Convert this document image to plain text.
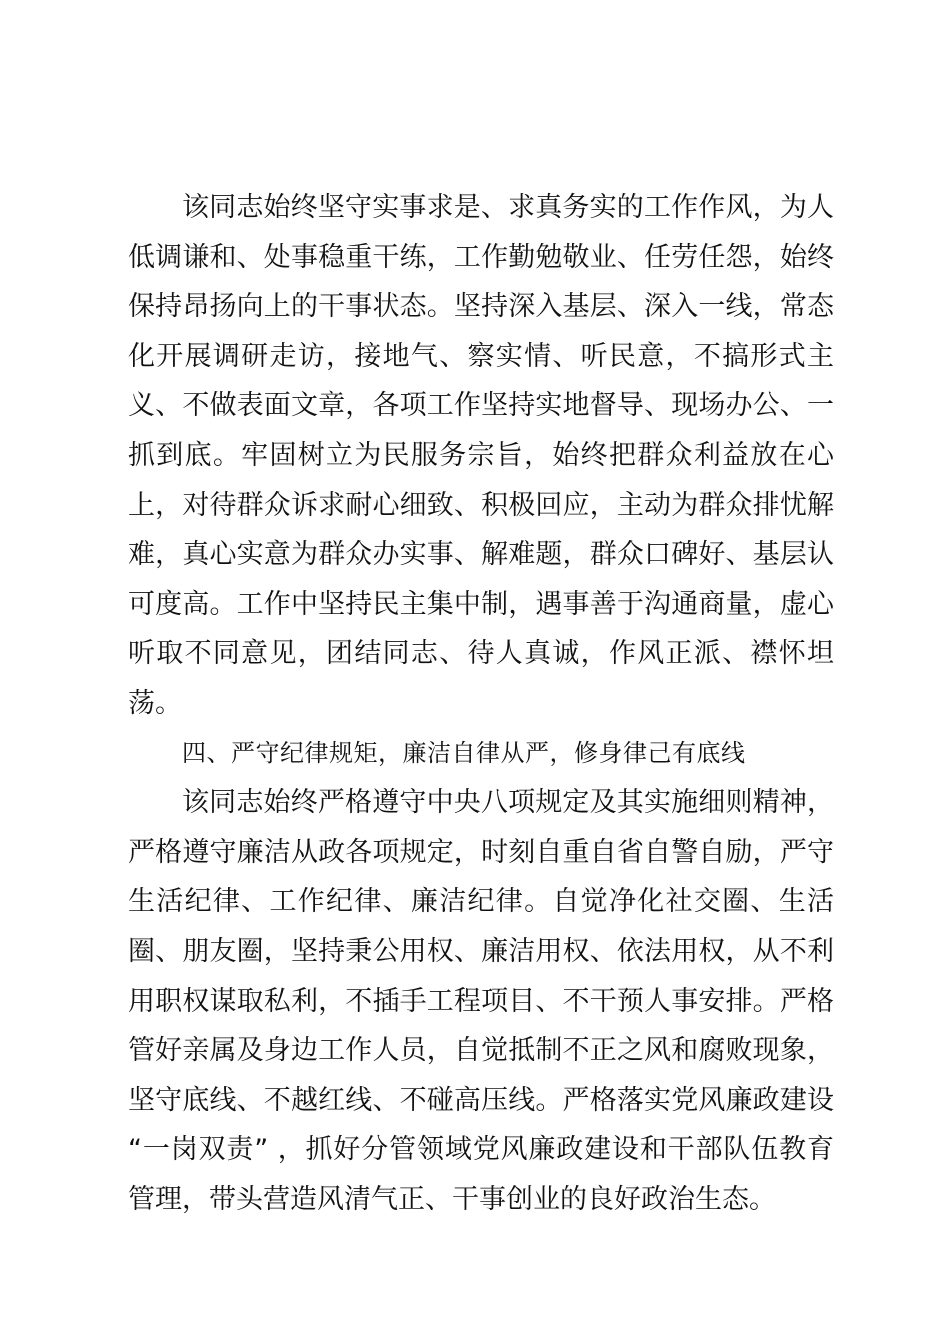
该同志始终坚守实事求是、求真务实的工作作风，为人低调谦和、处事稳重干练，工作勤勉敬业、任劳任怨，始终保持昂扬向上的干事状态。坚持深入基层、深入一线，常态化开展调研走访，接地气、察实情、听民意，不搞形式主义、不做表面文章，各项工作坚持实地督导、现场办公、一抓到底。牢固树立为民服务宗旨，始终把群众利益放在心上，对待群众诉求耐心细致、积极回应，主动为群众排忧解难，真心实意为群众办实事、解难题，群众口碑好、基层认可度高。工作中坚持民主集中制，遇事善于沟通商量，虚心听取不同意见，团结同志、待人真诚，作风正派、襟怀坦荡。

四、严守纪律规矩，廉洁自律从严，修身律己有底线

该同志始终严格遵守中央八项规定及其实施细则精神，严格遵守廉洁从政各项规定，时刻自重自省自警自励，严守生活纪律、工作纪律、廉洁纪律。自觉净化社交圈、生活圈、朋友圈，坚持秉公用权、廉洁用权、依法用权，从不利用职权谋取私利，不插手工程项目、不干预人事安排。严格管好亲属及身边工作人员，自觉抵制不正之风和腐败现象，坚守底线、不越红线、不碰高压线。严格落实党风廉政建设 “一岗双责” ，抓好分管领域党风廉政建设和干部队伍教育管理，带头营造风清气正、干事创业的良好政治生态。
